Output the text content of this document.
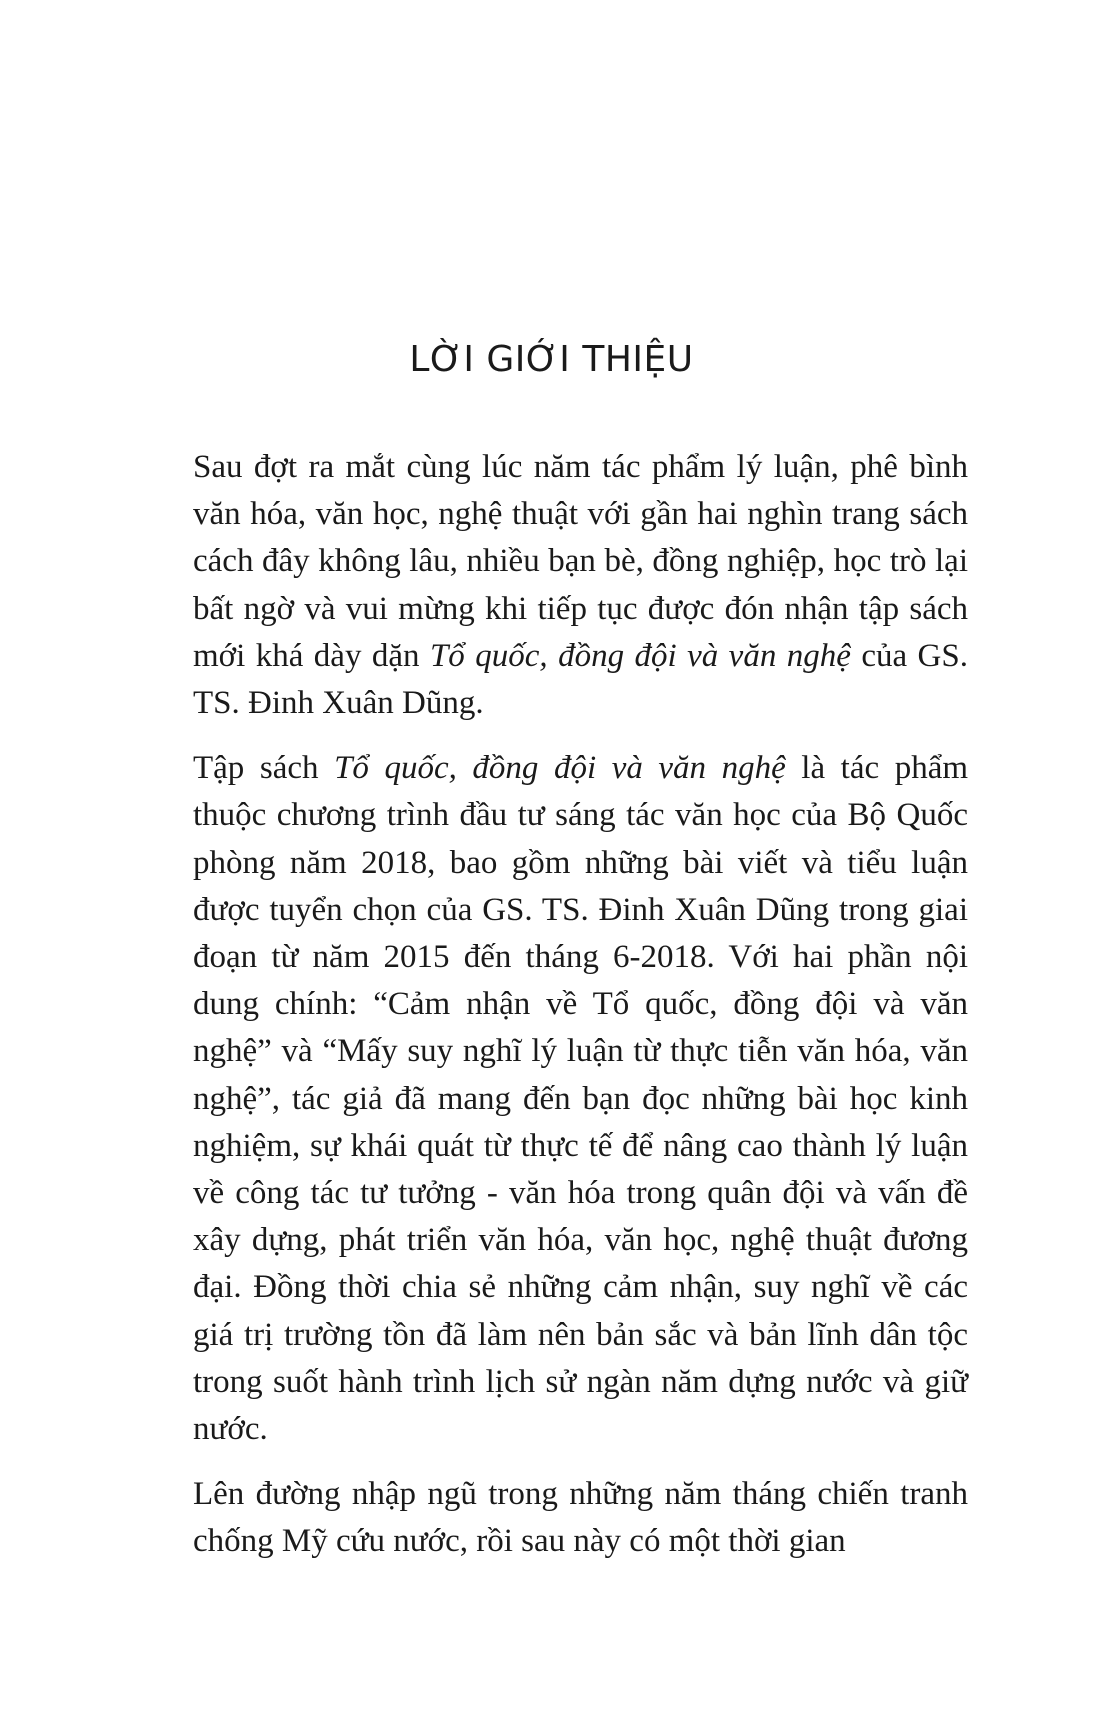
LỜI GIỚI THIỆU

Sau đợt ra mắt cùng lúc năm tác phẩm lý luận, phê bình văn hóa, văn học, nghệ thuật với gần hai nghìn trang sách cách đây không lâu, nhiều bạn bè, đồng nghiệp, học trò lại bất ngờ và vui mừng khi tiếp tục được đón nhận tập sách mới khá dày dặn Tổ quốc, đồng đội và văn nghệ của GS. TS. Đinh Xuân Dũng.

Tập sách Tổ quốc, đồng đội và văn nghệ là tác phẩm thuộc chương trình đầu tư sáng tác văn học của Bộ Quốc phòng năm 2018, bao gồm những bài viết và tiểu luận được tuyển chọn của GS. TS. Đinh Xuân Dũng trong giai đoạn từ năm 2015 đến tháng 6-2018. Với hai phần nội dung chính: “Cảm nhận về Tổ quốc, đồng đội và văn nghệ” và “Mấy suy nghĩ lý luận từ thực tiễn văn hóa, văn nghệ”, tác giả đã mang đến bạn đọc những bài học kinh nghiệm, sự khái quát từ thực tế để nâng cao thành lý luận về công tác tư tưởng - văn hóa trong quân đội và vấn đề xây dựng, phát triển văn hóa, văn học, nghệ thuật đương đại. Đồng thời chia sẻ những cảm nhận, suy nghĩ về các giá trị trường tồn đã làm nên bản sắc và bản lĩnh dân tộc trong suốt hành trình lịch sử ngàn năm dựng nước và giữ nước.

Lên đường nhập ngũ trong những năm tháng chiến tranh chống Mỹ cứu nước, rồi sau này có một thời gian
